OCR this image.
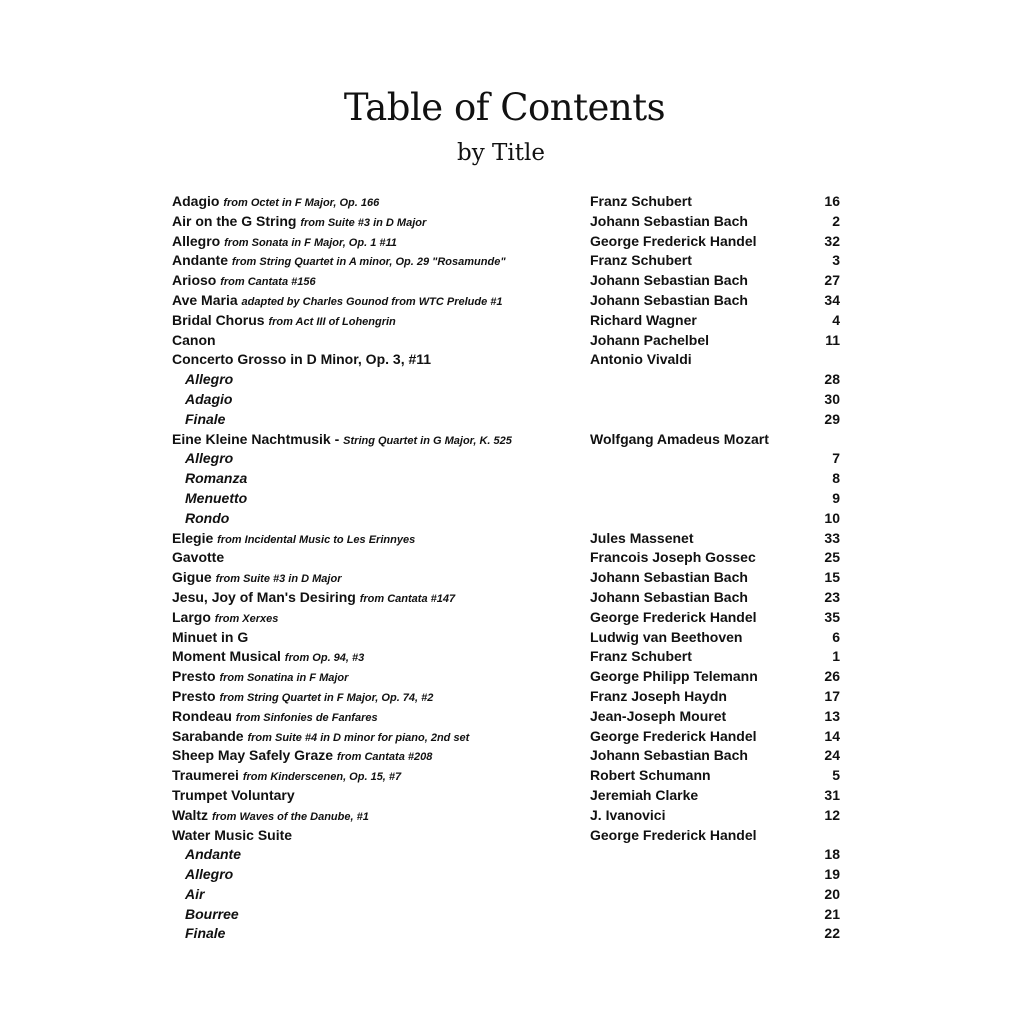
Table of Contents
by Title
Adagio from Octet in F Major, Op. 166	Franz Schubert	16
Air on the G String from Suite #3 in D Major	Johann Sebastian Bach	2
Allegro from Sonata in F Major, Op. 1 #11	George Frederick Handel	32
Andante from String Quartet in A minor, Op. 29 "Rosamunde"	Franz Schubert	3
Arioso from Cantata #156	Johann Sebastian Bach	27
Ave Maria adapted by Charles Gounod from WTC Prelude #1	Johann Sebastian Bach	34
Bridal Chorus from Act III of Lohengrin	Richard Wagner	4
Canon	Johann Pachelbel	11
Concerto Grosso in D Minor, Op. 3, #11	Antonio Vivaldi
Allegro	28
Adagio	30
Finale	29
Eine Kleine Nachtmusik - String Quartet in G Major, K. 525	Wolfgang Amadeus Mozart
Allegro	7
Romanza	8
Menuetto	9
Rondo	10
Elegie from Incidental Music to Les Erinnyes	Jules Massenet	33
Gavotte	Francois Joseph Gossec	25
Gigue from Suite #3 in D Major	Johann Sebastian Bach	15
Jesu, Joy of Man's Desiring from Cantata #147	Johann Sebastian Bach	23
Largo from Xerxes	George Frederick Handel	35
Minuet in G	Ludwig van Beethoven	6
Moment Musical from Op. 94, #3	Franz Schubert	1
Presto from Sonatina in F Major	George Philipp Telemann	26
Presto from String Quartet in F Major, Op. 74, #2	Franz Joseph Haydn	17
Rondeau from Sinfonies de Fanfares	Jean-Joseph Mouret	13
Sarabande from Suite #4 in D minor for piano, 2nd set	George Frederick Handel	14
Sheep May Safely Graze from Cantata #208	Johann Sebastian Bach	24
Traumerei from Kinderscenen, Op. 15, #7	Robert Schumann	5
Trumpet Voluntary	Jeremiah Clarke	31
Waltz from Waves of the Danube, #1	J. Ivanovici	12
Water Music Suite	George Frederick Handel
Andante	18
Allegro	19
Air	20
Bourree	21
Finale	22
